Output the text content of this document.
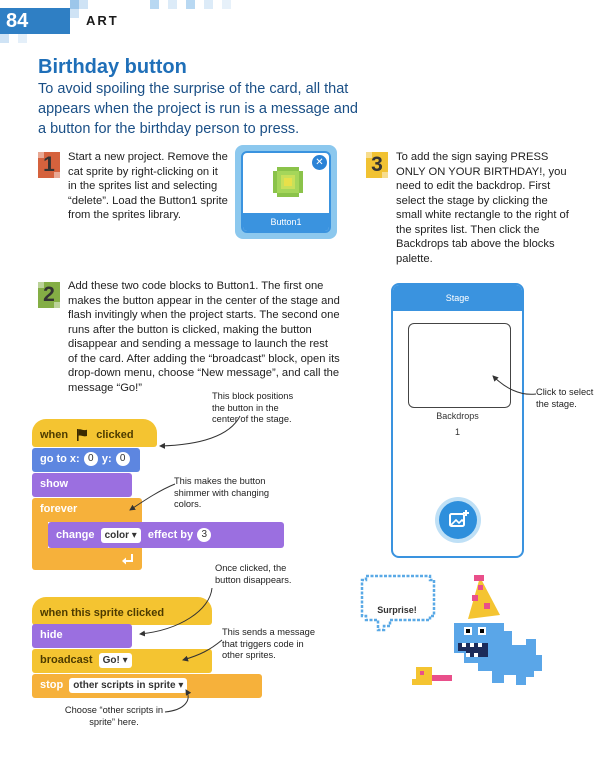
84	ART
Birthday button
To avoid spoiling the surprise of the card, all that appears when the project is run is a message and a button for the birthday person to press.
1	Start a new project. Remove the cat sprite by right-clicking on it in the sprites list and selecting “delete”. Load the Button1 sprite from the sprites library.
✕
Button1
3	To add the sign saying PRESS ONLY ON YOUR BIRTHDAY!, you need to edit the backdrop. First select the stage by clicking the small white rectangle to the right of the sprites list. Then click the Backdrops tab above the blocks palette.
2	Add these two code blocks to Button1. The first one makes the button appear in the center of the stage and flash invitingly when the project starts. The second one runs after the button is clicked, making the button disappear and sending a message to launch the rest of the card. After adding the “broadcast” block, open its drop-down menu, choose “New message”, and call the message “Go!”
Stage
Backdrops
1
Click to select the stage.
when	clicked
go to x: 0 y: 0
show
forever
change color ▾ effect by 3
This block positions the button in the center of the stage.
This makes the button shimmer with changing colors.
when this sprite clicked
hide
broadcast Go! ▾
stop other scripts in sprite ▾
Once clicked, the button disappears.
This sends a message that triggers code in other sprites.
Choose “other scripts in sprite” here.
Surprise!
